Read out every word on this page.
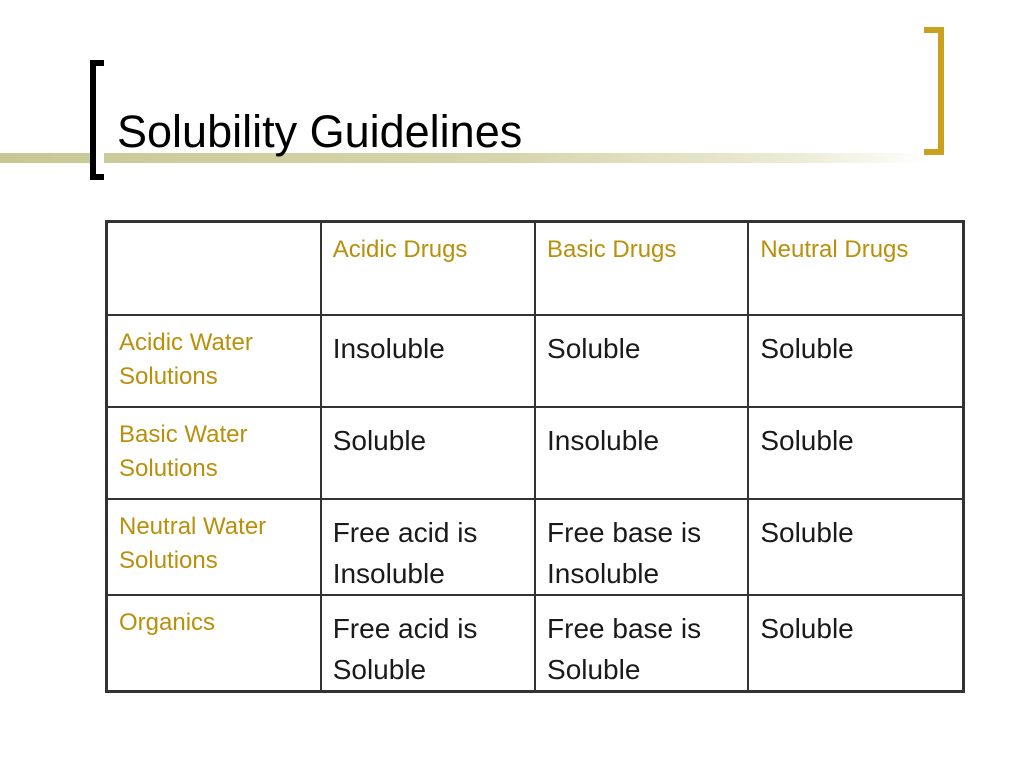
Solubility Guidelines

	Acidic Drugs	Basic Drugs	Neutral Drugs

Acidic Water Solutions	Insoluble	Soluble	Soluble

Basic Water Solutions	Soluble	Insoluble	Soluble

Neutral Water Solutions	Free acid is Insoluble	Free base is Insoluble	Soluble

Organics	Free acid is Soluble	Free base is Soluble	Soluble
